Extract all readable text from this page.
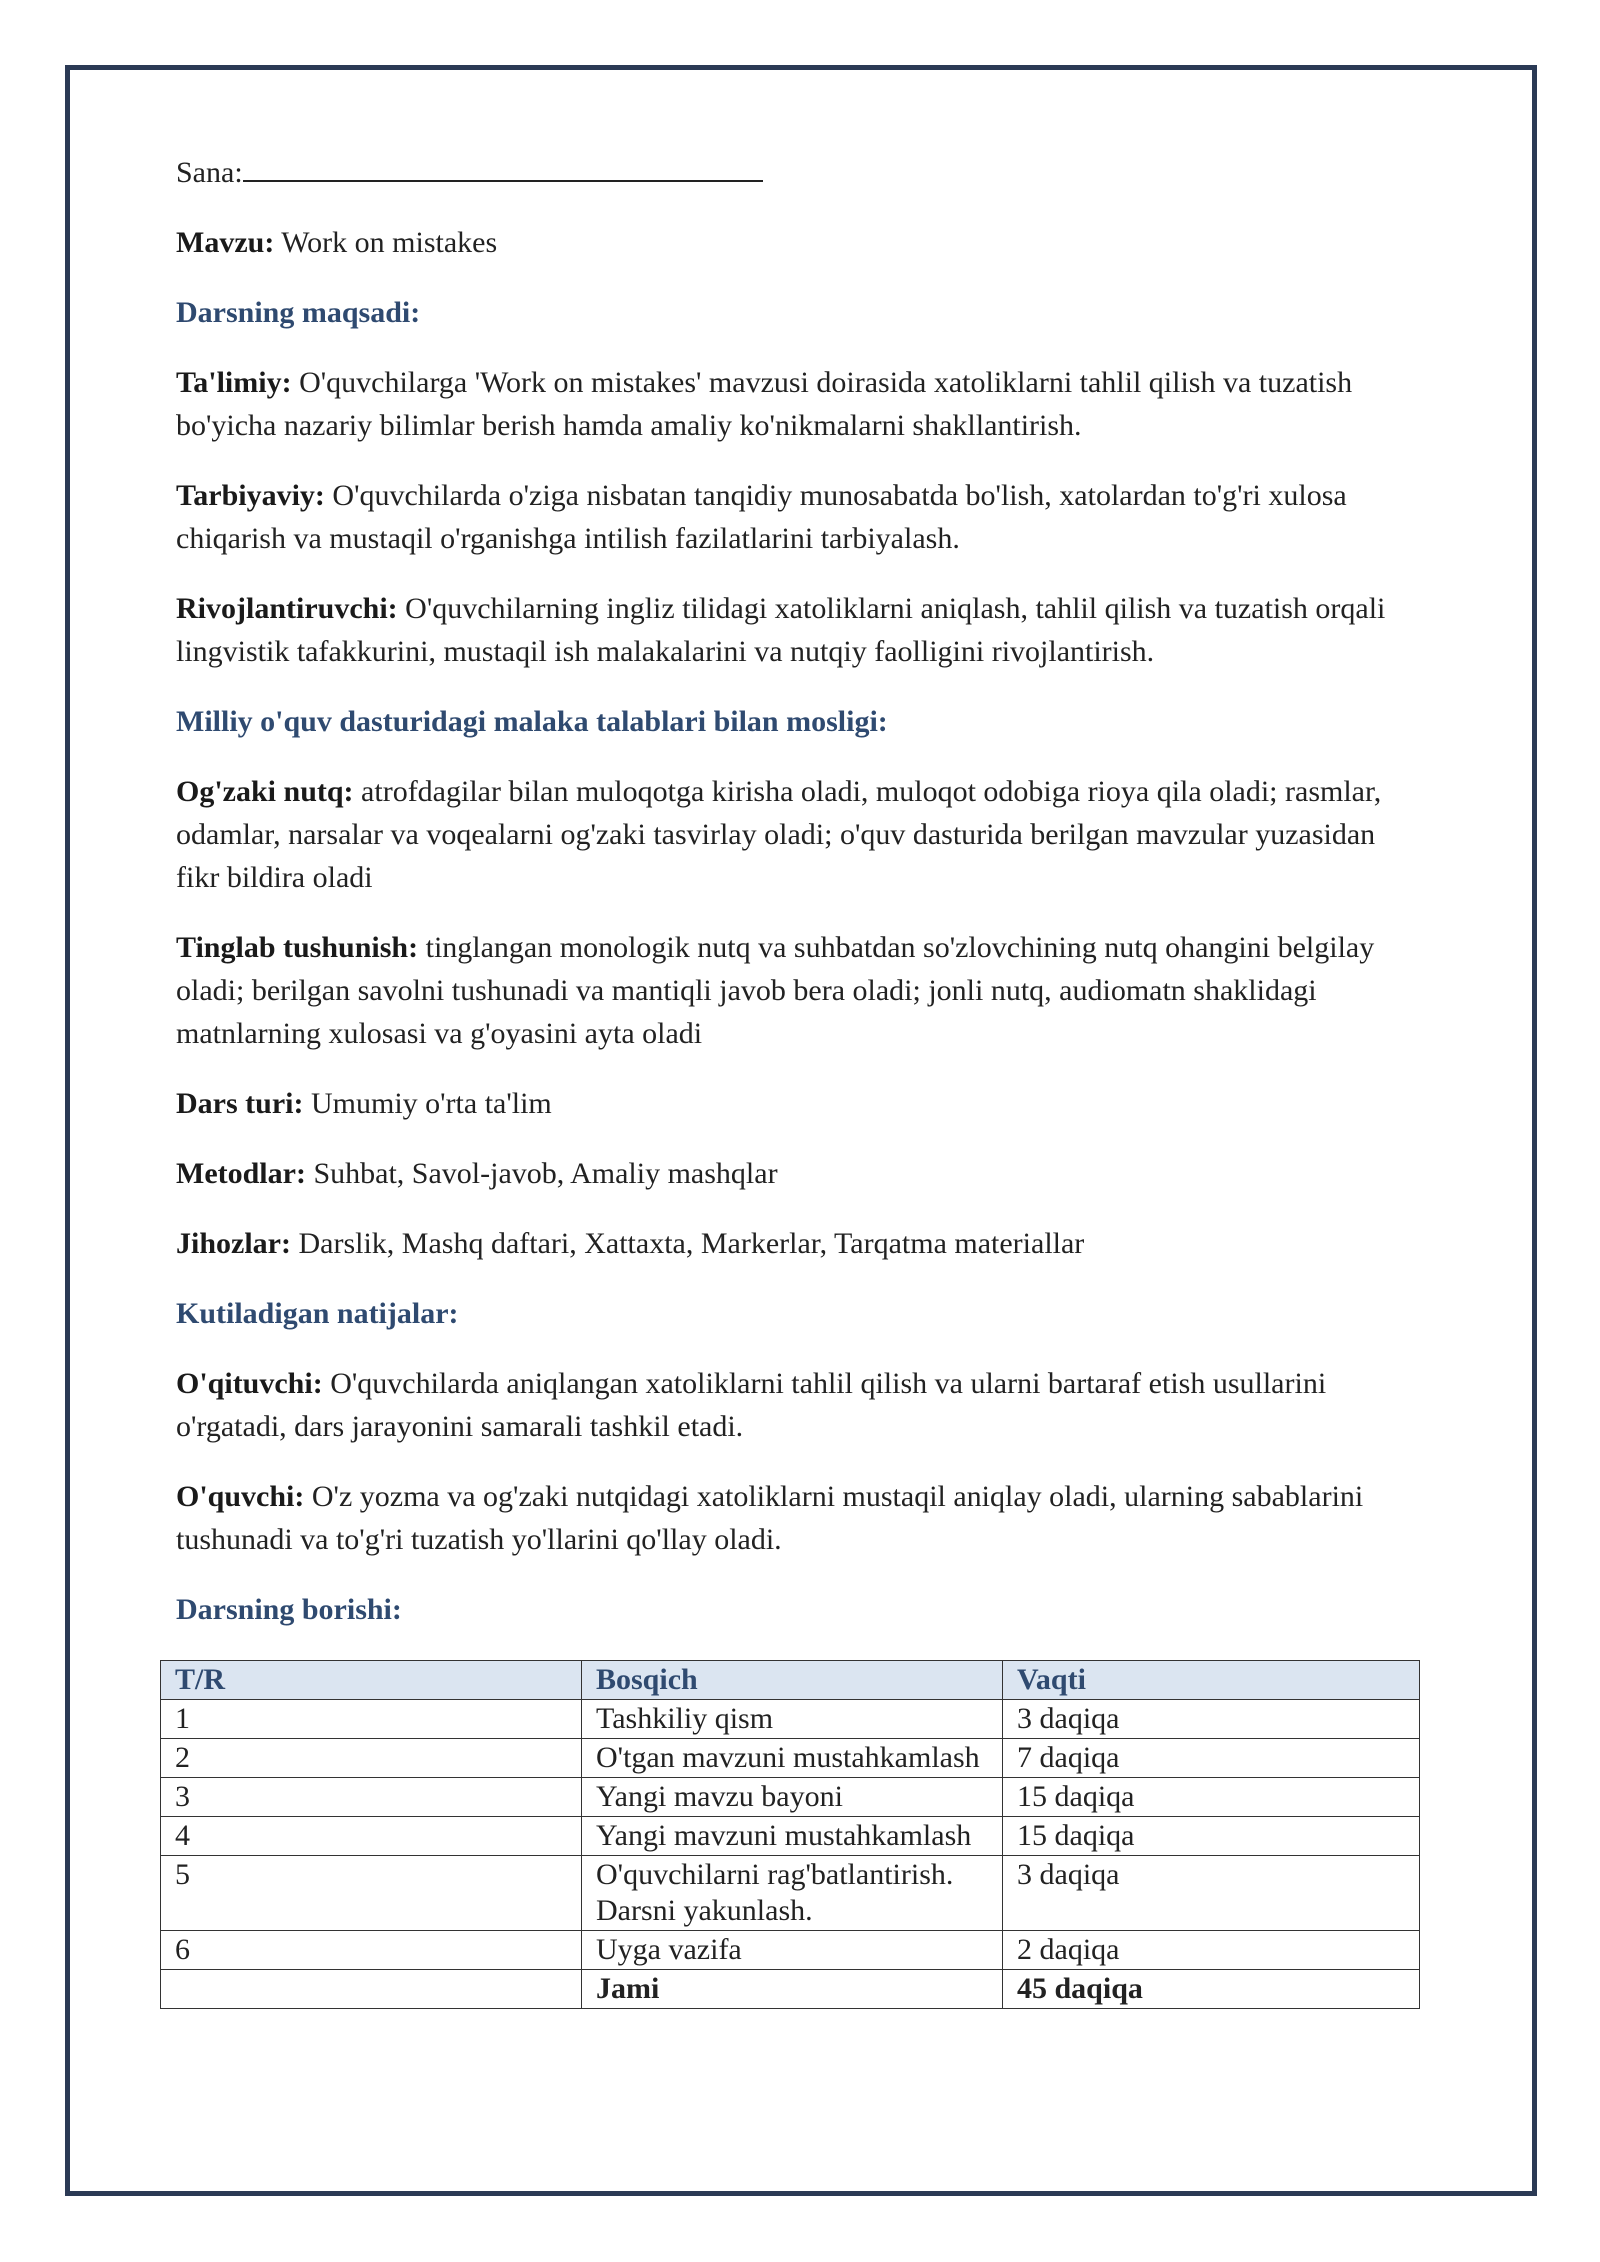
Sana:

Mavzu: Work on mistakes

Darsning maqsadi:

Ta'limiy: O'quvchilarga 'Work on mistakes' mavzusi doirasida xatoliklarni tahlil qilish va tuzatish bo'yicha nazariy bilimlar berish hamda amaliy ko'nikmalarni shakllantirish.

Tarbiyaviy: O'quvchilarda o'ziga nisbatan tanqidiy munosabatda bo'lish, xatolardan to'g'ri xulosa chiqarish va mustaqil o'rganishga intilish fazilatlarini tarbiyalash.

Rivojlantiruvchi: O'quvchilarning ingliz tilidagi xatoliklarni aniqlash, tahlil qilish va tuzatish orqali lingvistik tafakkurini, mustaqil ish malakalarini va nutqiy faolligini rivojlantirish.

Milliy o'quv dasturidagi malaka talablari bilan mosligi:

Og'zaki nutq: atrofdagilar bilan muloqotga kirisha oladi, muloqot odobiga rioya qila oladi; rasmlar, odamlar, narsalar va voqealarni og'zaki tasvirlay oladi; o'quv dasturida berilgan mavzular yuzasidan fikr bildira oladi

Tinglab tushunish: tinglangan monologik nutq va suhbatdan so'zlovchining nutq ohangini belgilay oladi; berilgan savolni tushunadi va mantiqli javob bera oladi; jonli nutq, audiomatn shaklidagi matnlarning xulosasi va g'oyasini ayta oladi

Dars turi: Umumiy o'rta ta'lim

Metodlar: Suhbat, Savol-javob, Amaliy mashqlar

Jihozlar: Darslik, Mashq daftari, Xattaxta, Markerlar, Tarqatma materiallar

Kutiladigan natijalar:

O'qituvchi: O'quvchilarda aniqlangan xatoliklarni tahlil qilish va ularni bartaraf etish usullarini o'rgatadi, dars jarayonini samarali tashkil etadi.

O'quvchi: O'z yozma va og'zaki nutqidagi xatoliklarni mustaqil aniqlay oladi, ularning sabablarini tushunadi va to'g'ri tuzatish yo'llarini qo'llay oladi.

Darsning borishi:

T/R	Bosqich	Vaqti
1	Tashkiliy qism	3 daqiqa
2	O'tgan mavzuni mustahkamlash	7 daqiqa
3	Yangi mavzu bayoni	15 daqiqa
4	Yangi mavzuni mustahkamlash	15 daqiqa
5	O'quvchilarni rag'batlantirish. Darsni yakunlash.	3 daqiqa
6	Uyga vazifa	2 daqiqa
	Jami	45 daqiqa
